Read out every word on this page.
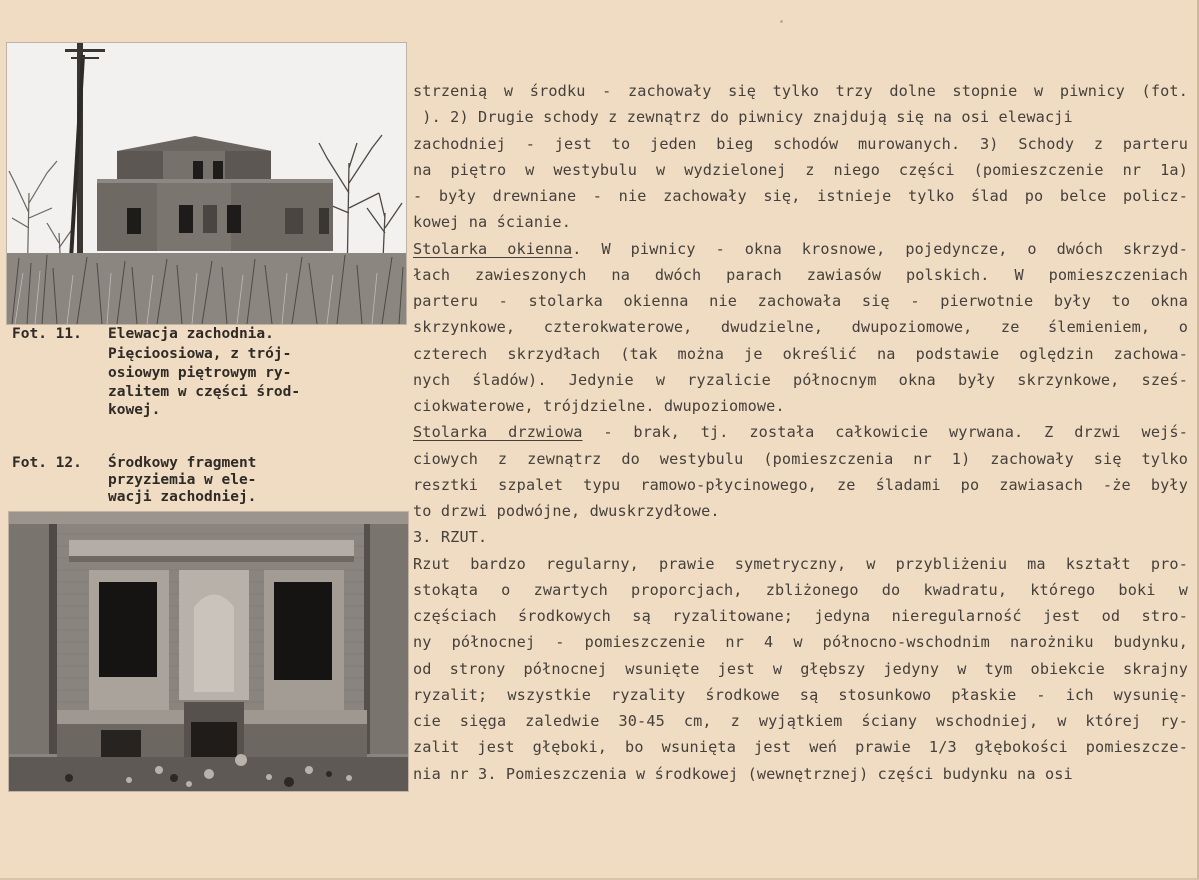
Fot. 11. Elewacja zachodnia.
Pięcioosiowa, z trój-
osiowym piętrowym ry-
zalitem w części środ-
kowej.
Fot. 12. Środkowy fragment
przyziemia w ele-
wacji zachodniej.
strzenią w środku - zachowały się tylko trzy dolne stopnie w piwnicy (fot.
). 2) Drugie schody z zewnątrz do piwnicy znajdują się na osi elewacji
zachodniej - jest to jeden bieg schodów murowanych. 3) Schody z parteru
na piętro w westybulu w wydzielonej z niego części (pomieszczenie nr 1a)
- były drewniane - nie zachowały się, istnieje tylko ślad po belce policz-
kowej na ścianie.
Stolarka okienna. W piwnicy - okna krosnowe, pojedyncze, o dwóch skrzyd-
łach zawieszonych na dwóch parach zawiasów polskich. W pomieszczeniach
parteru - stolarka okienna nie zachowała się - pierwotnie były to okna
skrzynkowe, czterokwaterowe, dwudzielne, dwupoziomowe, ze ślemieniem, o
czterech skrzydłach (tak można je określić na podstawie oględzin zachowa-
nych śladów). Jedynie w ryzalicie północnym okna były skrzynkowe, sześ-
ciokwaterowe, trójdzielne. dwupoziomowe.
Stolarka drzwiowa - brak, tj. została całkowicie wyrwana. Z drzwi wejś-
ciowych z zewnątrz do westybulu (pomieszczenia nr 1) zachowały się tylko
resztki szpalet typu ramowo-płycinowego, ze śladami po zawiasach -że były
to drzwi podwójne, dwuskrzydłowe.
3. RZUT.
Rzut bardzo regularny, prawie symetryczny, w przybliżeniu ma kształt pro-
stokąta o zwartych proporcjach, zbliżonego do kwadratu, którego boki w
częściach środkowych są ryzalitowane; jedyna nieregularność jest od stro-
ny północnej - pomieszczenie nr 4 w północno-wschodnim narożniku budynku,
od strony północnej wsunięte jest w głębszy jedyny w tym obiekcie skrajny
ryzalit; wszystkie ryzality środkowe są stosunkowo płaskie - ich wysunię-
cie sięga zaledwie 30-45 cm, z wyjątkiem ściany wschodniej, w której ry-
zalit jest głęboki, bo wsunięta jest weń prawie 1/3 głębokości pomieszcze-
nia nr 3. Pomieszczenia w środkowej (wewnętrznej) części budynku na osi
